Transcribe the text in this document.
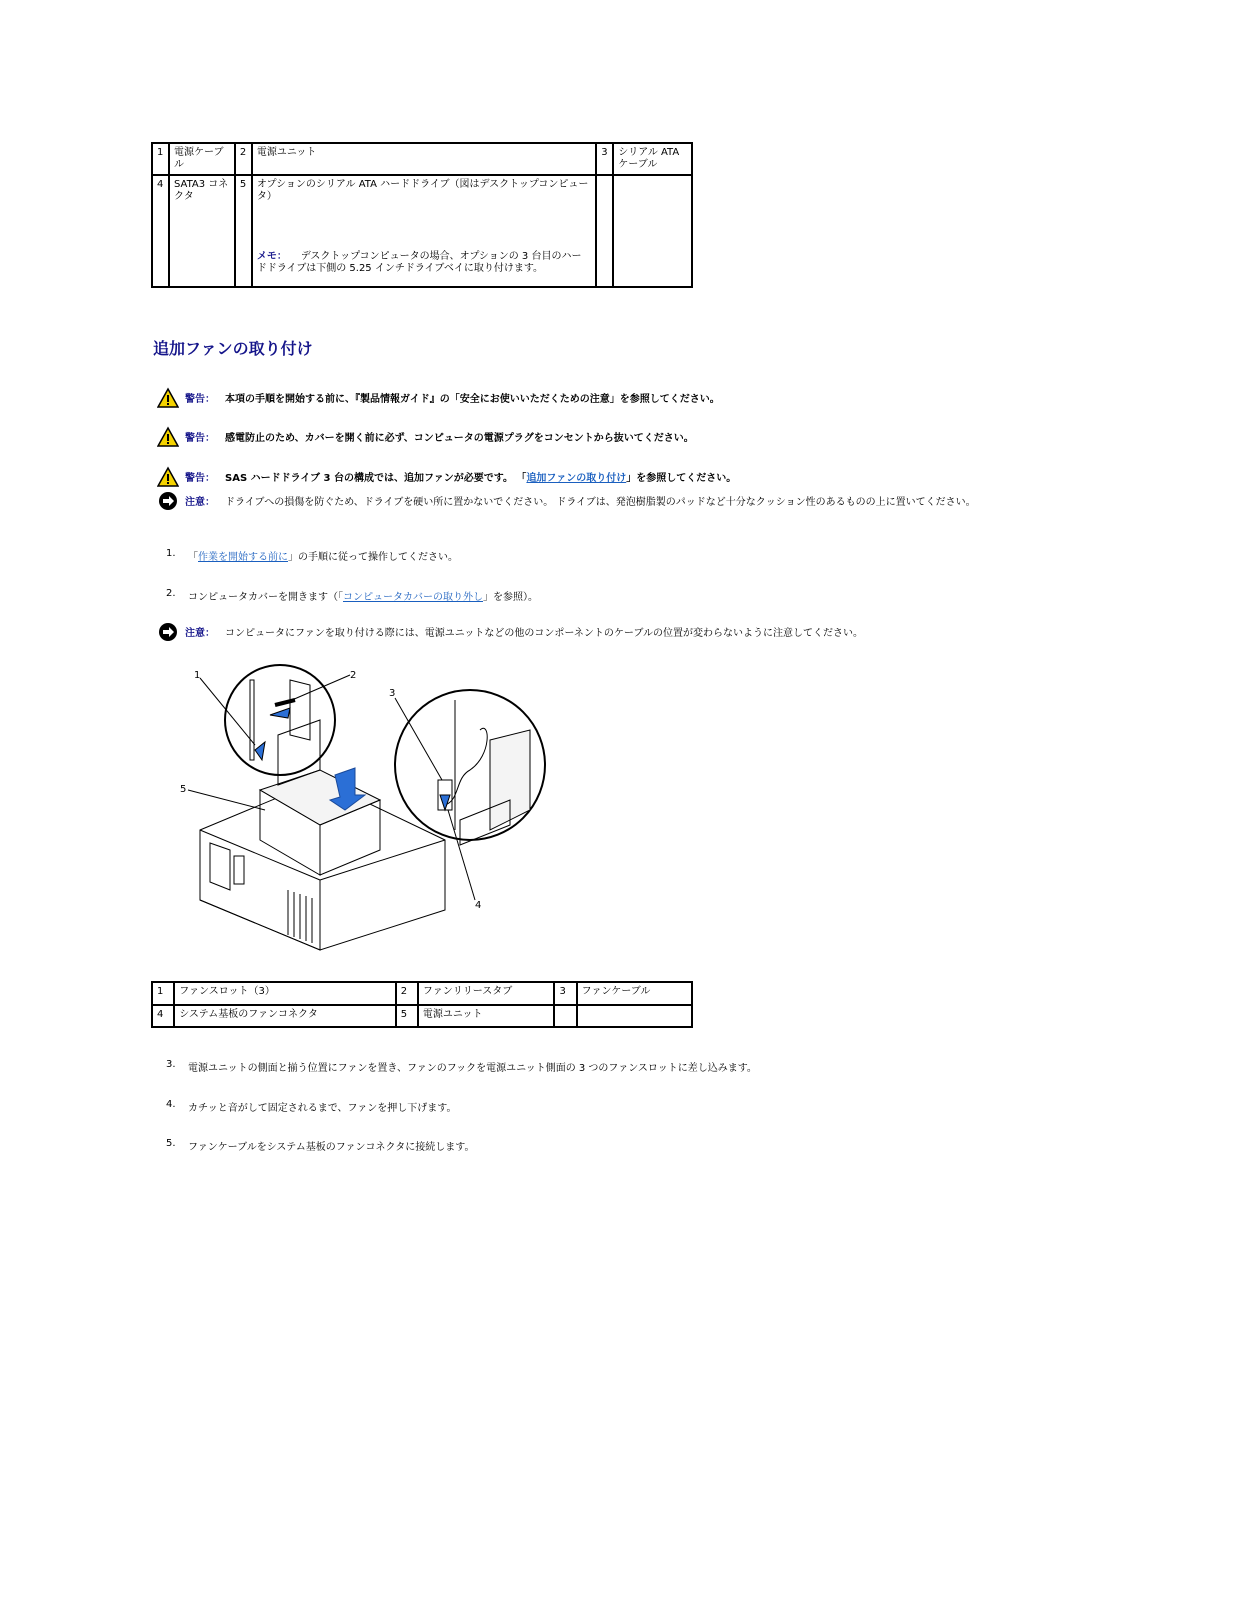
1	電源ケーブル	2	電源ユニット	3	シリアル ATA ケーブル
4	SATA3 コネクタ	5	オプションのシリアル ATA ハードドライブ（図はデスクトップコンピュータ）
メモ： デスクトップコンピュータの場合、オプションの 3 台目のハードドライブは下側の 5.25 インチドライブベイに取り付けます。		

追加ファンの取り付け
警告： 本項の手順を開始する前に、『製品情報ガイド』の「安全にお使いいただくための注意」を参照してください。
警告： 感電防止のため、カバーを開く前に必ず、コンピュータの電源プラグをコンセントから抜いてください。
警告： SAS ハードドライブ 3 台の構成では、追加ファンが必要です。 「追加ファンの取り付け」を参照してください。
注意： ドライブへの損傷を防ぐため、ドライブを硬い所に置かないでください。 ドライブは、発泡樹脂製のパッドなど十分なクッション性のあるものの上に置いてください。
1.	「作業を開始する前に」の手順に従って操作してください。
2.	コンピュータカバーを開きます（「コンピュータカバーの取り外し」を参照）。
注意： コンピュータにファンを取り付ける際には、電源ユニットなどの他のコンポーネントのケーブルの位置が変わらないように注意してください。
1	2
3
4
5
1	ファンスロット（3）	2	ファンリリースタブ	3	ファンケーブル
4	システム基板のファンコネクタ	5	電源ユニット		
3.	電源ユニットの側面と揃う位置にファンを置き、ファンのフックを電源ユニット側面の 3 つのファンスロットに差し込みます。
4.	カチッと音がして固定されるまで、ファンを押し下げます。
5.	ファンケーブルをシステム基板のファンコネクタに接続します。
